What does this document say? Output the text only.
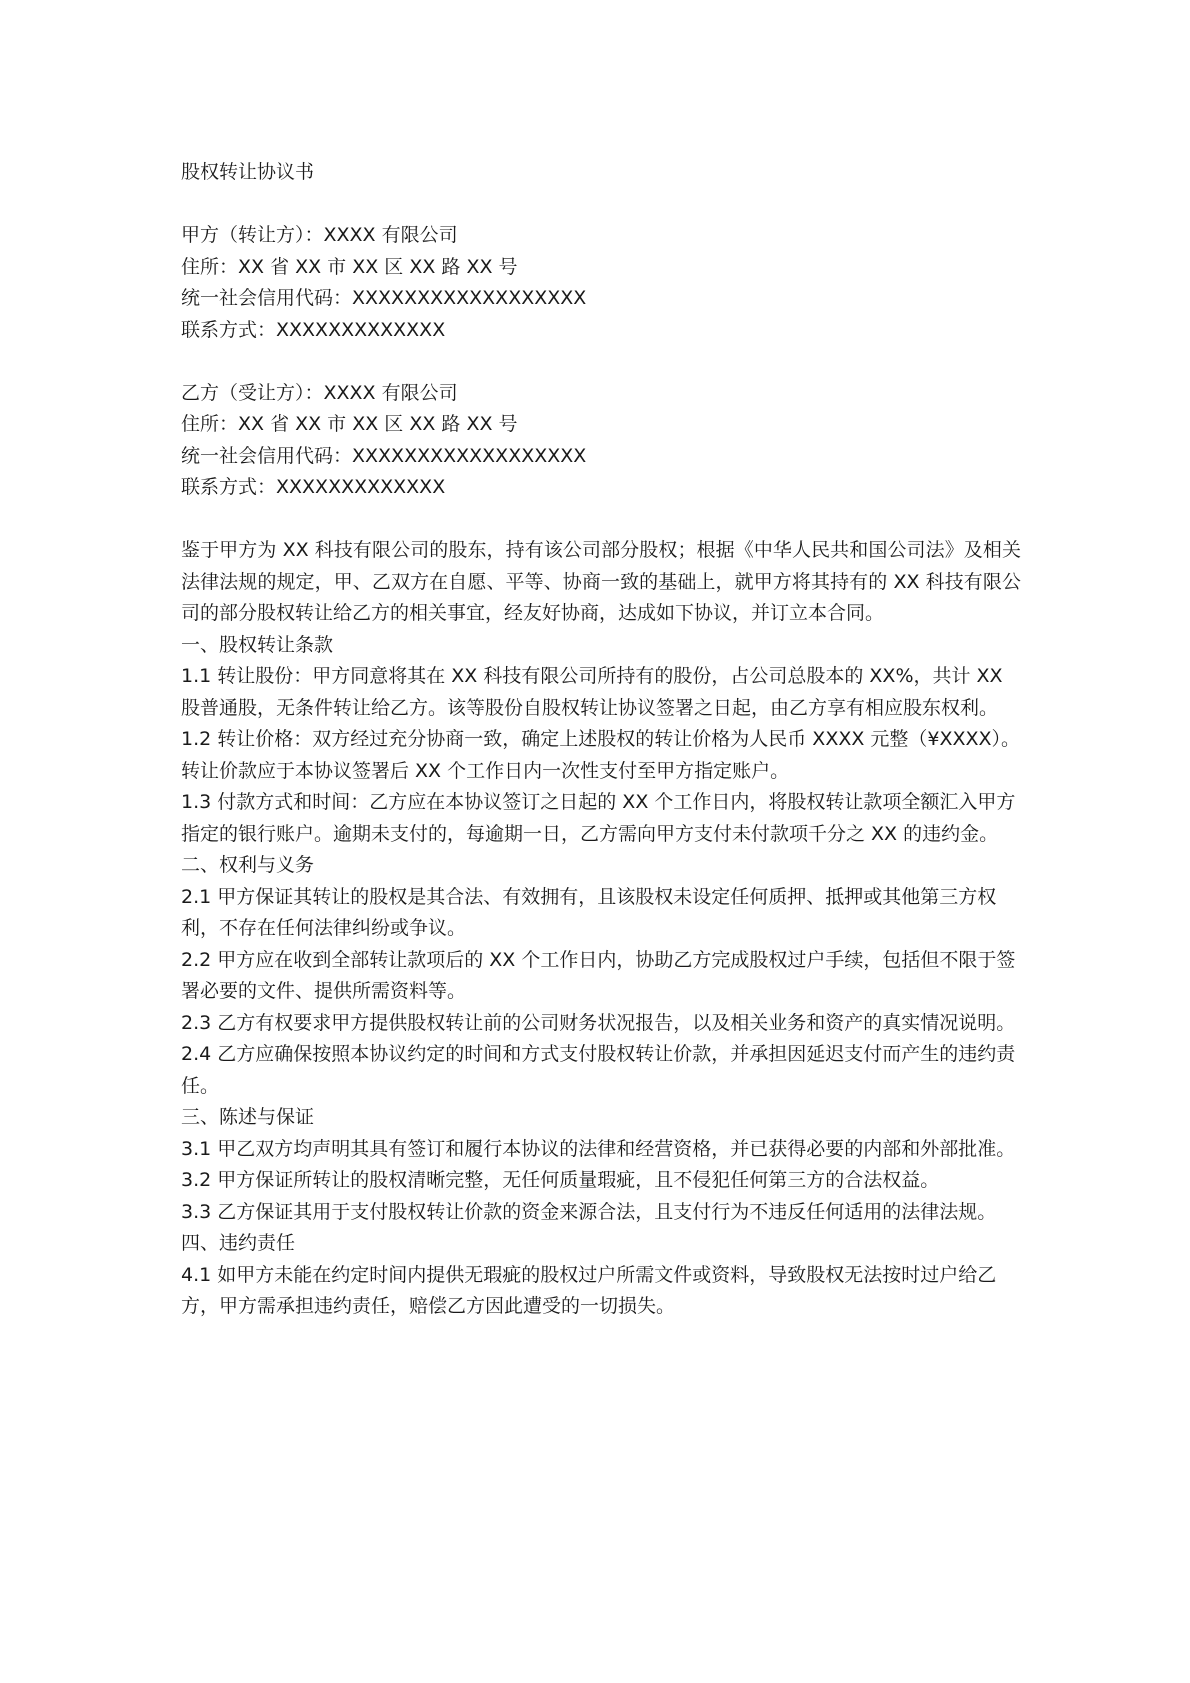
股权转让协议书

甲方（转让方）：XXXX 有限公司

住所：XX 省 XX 市 XX 区 XX 路 XX 号

统一社会信用代码：XXXXXXXXXXXXXXXXXX

联系方式：XXXXXXXXXXXXX

乙方（受让方）：XXXX 有限公司

住所：XX 省 XX 市 XX 区 XX 路 XX 号

统一社会信用代码：XXXXXXXXXXXXXXXXXX

联系方式：XXXXXXXXXXXXX

鉴于甲方为 XX 科技有限公司的股东，持有该公司部分股权；根据《中华人民共和国公司法》及相关法律法规的规定，甲、乙双方在自愿、平等、协商一致的基础上，就甲方将其持有的 XX 科技有限公司的部分股权转让给乙方的相关事宜，经友好协商，达成如下协议，并订立本合同。

一、股权转让条款

1.1 转让股份：甲方同意将其在 XX 科技有限公司所持有的股份，占公司总股本的 XX%，共计 XX 股普通股，无条件转让给乙方。该等股份自股权转让协议签署之日起，由乙方享有相应股东权利。

1.2 转让价格：双方经过充分协商一致，确定上述股权的转让价格为人民币 XXXX 元整（¥XXXX）。转让价款应于本协议签署后 XX 个工作日内一次性支付至甲方指定账户。

1.3 付款方式和时间：乙方应在本协议签订之日起的 XX 个工作日内，将股权转让款项全额汇入甲方指定的银行账户。逾期未支付的，每逾期一日，乙方需向甲方支付未付款项千分之 XX 的违约金。

二、权利与义务

2.1 甲方保证其转让的股权是其合法、有效拥有，且该股权未设定任何质押、抵押或其他第三方权利，不存在任何法律纠纷或争议。

2.2 甲方应在收到全部转让款项后的 XX 个工作日内，协助乙方完成股权过户手续，包括但不限于签署必要的文件、提供所需资料等。

2.3 乙方有权要求甲方提供股权转让前的公司财务状况报告，以及相关业务和资产的真实情况说明。

2.4 乙方应确保按照本协议约定的时间和方式支付股权转让价款，并承担因延迟支付而产生的违约责任。

三、陈述与保证

3.1 甲乙双方均声明其具有签订和履行本协议的法律和经营资格，并已获得必要的内部和外部批准。

3.2 甲方保证所转让的股权清晰完整，无任何质量瑕疵，且不侵犯任何第三方的合法权益。

3.3 乙方保证其用于支付股权转让价款的资金来源合法，且支付行为不违反任何适用的法律法规。

四、违约责任

4.1 如甲方未能在约定时间内提供无瑕疵的股权过户所需文件或资料，导致股权无法按时过户给乙方，甲方需承担违约责任，赔偿乙方因此遭受的一切损失。
